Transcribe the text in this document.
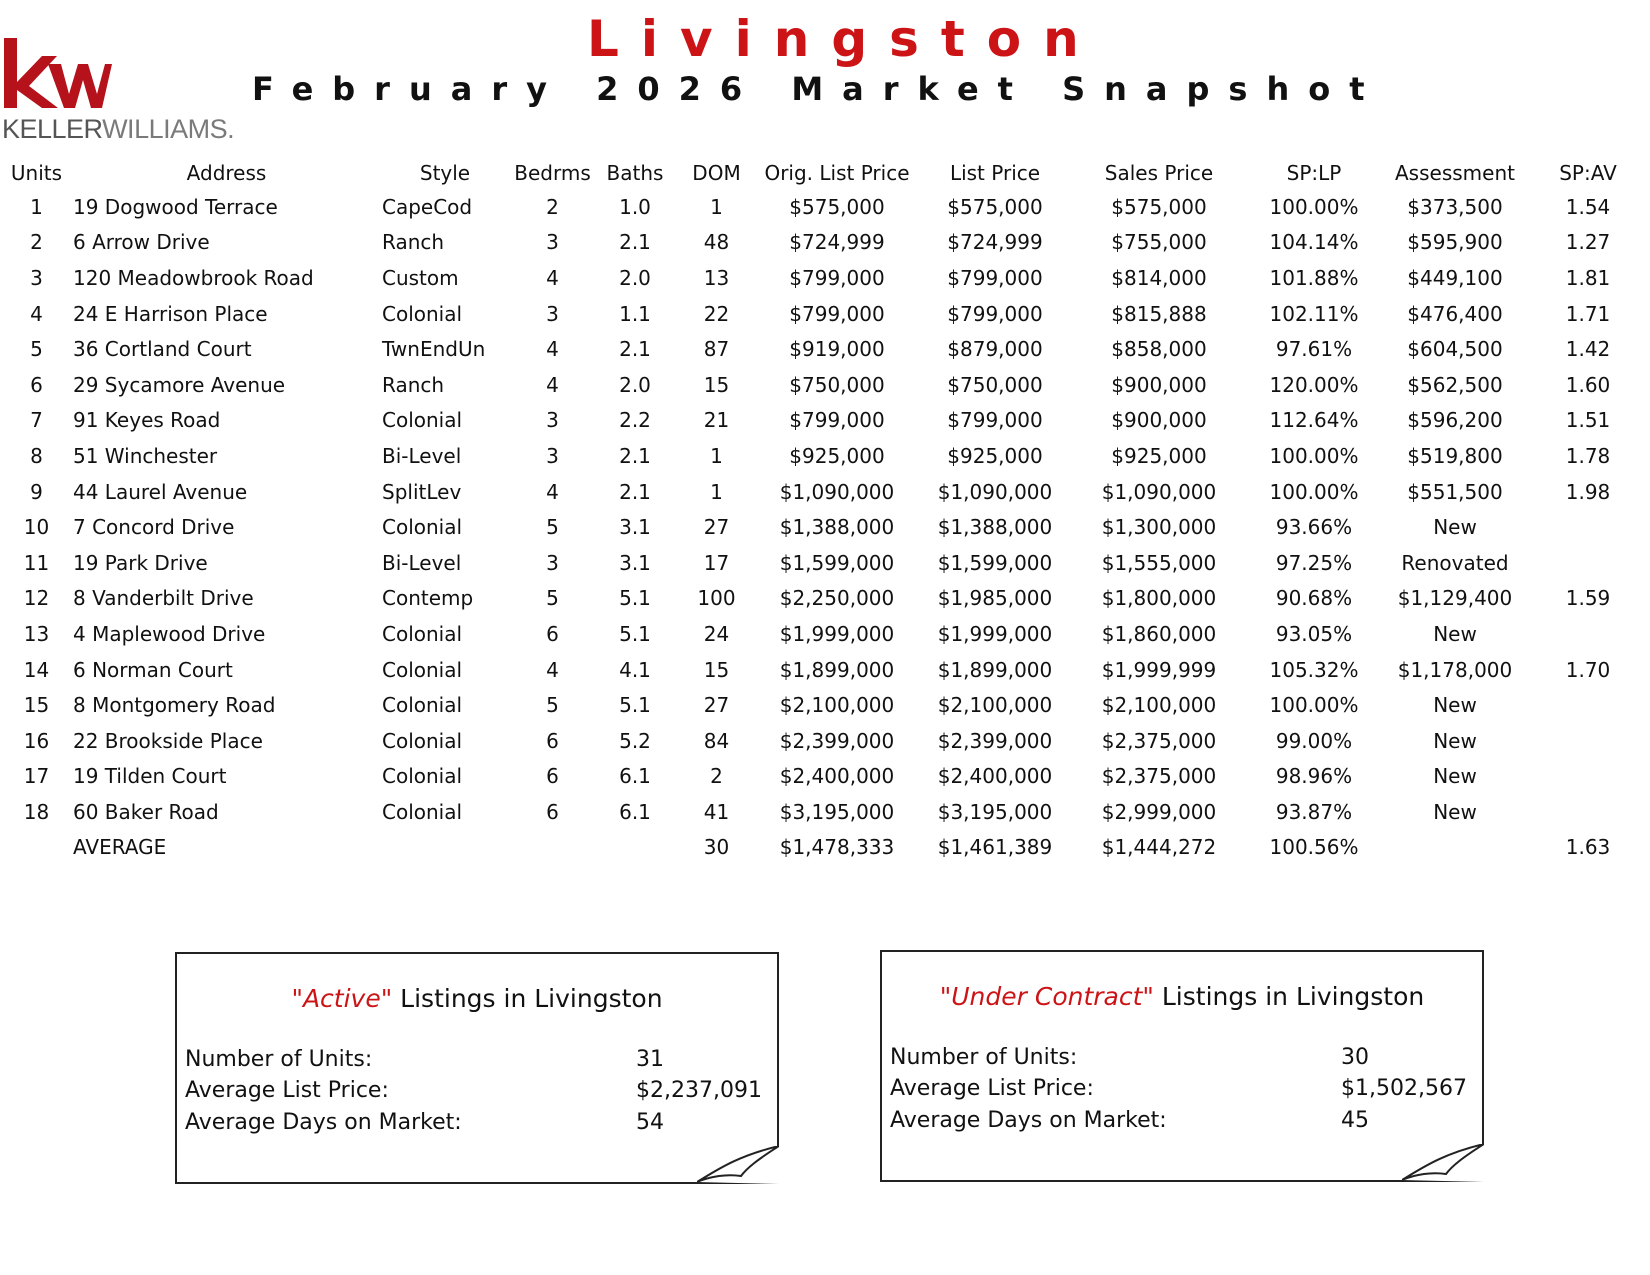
KELLERWILLIAMS.
Livingston
February 2026 Market Snapshot
Units	Address	Style	Bedrms	Baths	DOM	Orig. List Price	List Price	Sales Price	SP:LP	Assessment	SP:AV
1	19 Dogwood Terrace	CapeCod	2	1.0	1	$575,000	$575,000	$575,000	100.00%	$373,500	1.54
2	6 Arrow Drive	Ranch	3	2.1	48	$724,999	$724,999	$755,000	104.14%	$595,900	1.27
3	120 Meadowbrook Road	Custom	4	2.0	13	$799,000	$799,000	$814,000	101.88%	$449,100	1.81
4	24 E Harrison Place	Colonial	3	1.1	22	$799,000	$799,000	$815,888	102.11%	$476,400	1.71
5	36 Cortland Court	TwnEndUn	4	2.1	87	$919,000	$879,000	$858,000	97.61%	$604,500	1.42
6	29 Sycamore Avenue	Ranch	4	2.0	15	$750,000	$750,000	$900,000	120.00%	$562,500	1.60
7	91 Keyes Road	Colonial	3	2.2	21	$799,000	$799,000	$900,000	112.64%	$596,200	1.51
8	51 Winchester	Bi-Level	3	2.1	1	$925,000	$925,000	$925,000	100.00%	$519,800	1.78
9	44 Laurel Avenue	SplitLev	4	2.1	1	$1,090,000	$1,090,000	$1,090,000	100.00%	$551,500	1.98
10	7 Concord Drive	Colonial	5	3.1	27	$1,388,000	$1,388,000	$1,300,000	93.66%	New	
11	19 Park Drive	Bi-Level	3	3.1	17	$1,599,000	$1,599,000	$1,555,000	97.25%	Renovated	
12	8 Vanderbilt Drive	Contemp	5	5.1	100	$2,250,000	$1,985,000	$1,800,000	90.68%	$1,129,400	1.59
13	4 Maplewood Drive	Colonial	6	5.1	24	$1,999,000	$1,999,000	$1,860,000	93.05%	New	
14	6 Norman Court	Colonial	4	4.1	15	$1,899,000	$1,899,000	$1,999,999	105.32%	$1,178,000	1.70
15	8 Montgomery Road	Colonial	5	5.1	27	$2,100,000	$2,100,000	$2,100,000	100.00%	New	
16	22 Brookside Place	Colonial	6	5.2	84	$2,399,000	$2,399,000	$2,375,000	99.00%	New	
17	19 Tilden Court	Colonial	6	6.1	2	$2,400,000	$2,400,000	$2,375,000	98.96%	New	
18	60 Baker Road	Colonial	6	6.1	41	$3,195,000	$3,195,000	$2,999,000	93.87%	New	
	AVERAGE				30	$1,478,333	$1,461,389	$1,444,272	100.56%		1.63
"Active" Listings in Livingston
Number of Units:	31
Average List Price:	$2,237,091
Average Days on Market:	54
"Under Contract" Listings in Livingston
Number of Units:	30
Average List Price:	$1,502,567
Average Days on Market:	45
